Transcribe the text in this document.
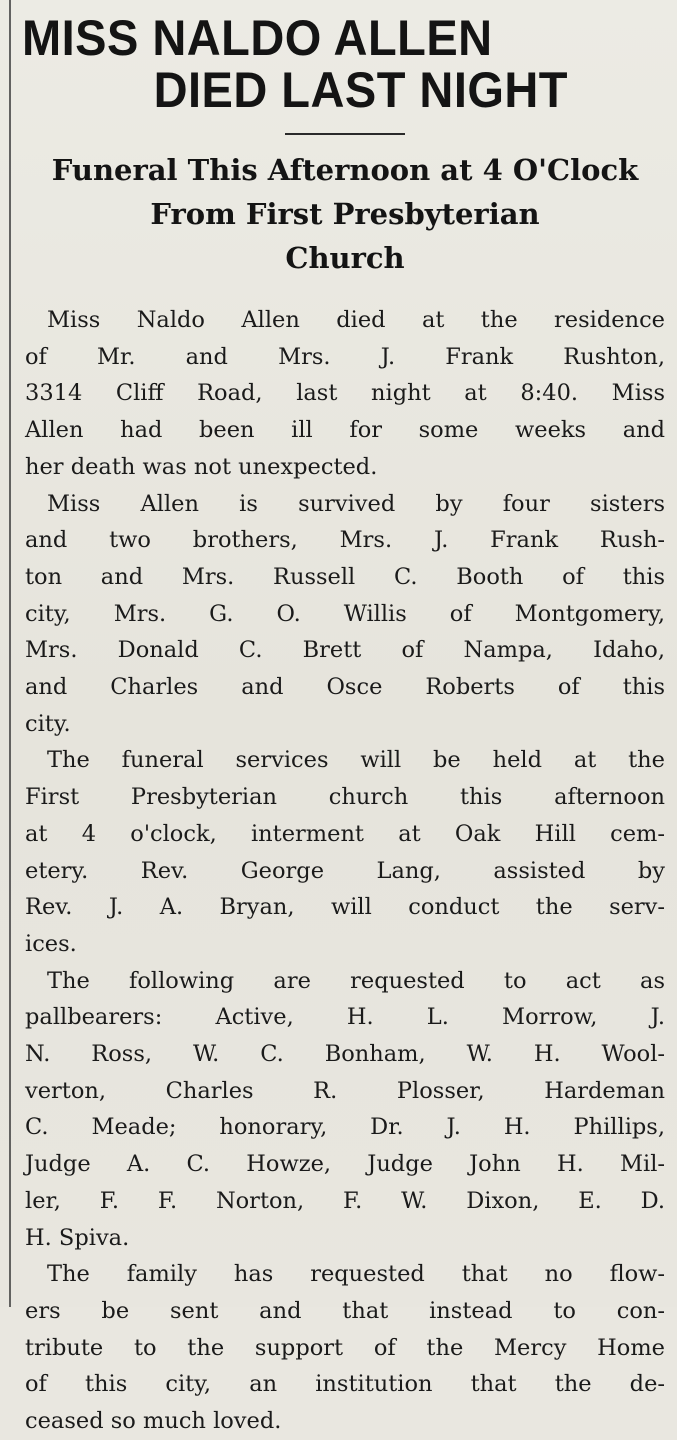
MISS NALDO ALLEN
DIED LAST NIGHT
Funeral This Afternoon at 4 O'Clock
From First Presbyterian
Church
Miss Naldo Allen died at the residence
of Mr. and Mrs. J. Frank Rushton,
3314 Cliff Road, last night at 8:40. Miss
Allen had been ill for some weeks and
her death was not unexpected.
Miss Allen is survived by four sisters
and two brothers, Mrs. J. Frank Rush-
ton and Mrs. Russell C. Booth of this
city, Mrs. G. O. Willis of Montgomery,
Mrs. Donald C. Brett of Nampa, Idaho,
and Charles and Osce Roberts of this
city.
The funeral services will be held at the
First Presbyterian church this afternoon
at 4 o'clock, interment at Oak Hill cem-
etery. Rev. George Lang, assisted by
Rev. J. A. Bryan, will conduct the serv-
ices.
The following are requested to act as
pallbearers: Active, H. L. Morrow, J.
N. Ross, W. C. Bonham, W. H. Wool-
verton, Charles R. Plosser, Hardeman
C. Meade; honorary, Dr. J. H. Phillips,
Judge A. C. Howze, Judge John H. Mil-
ler, F. F. Norton, F. W. Dixon, E. D.
H. Spiva.
The family has requested that no flow-
ers be sent and that instead to con-
tribute to the support of the Mercy Home
of this city, an institution that the de-
ceased so much loved.
